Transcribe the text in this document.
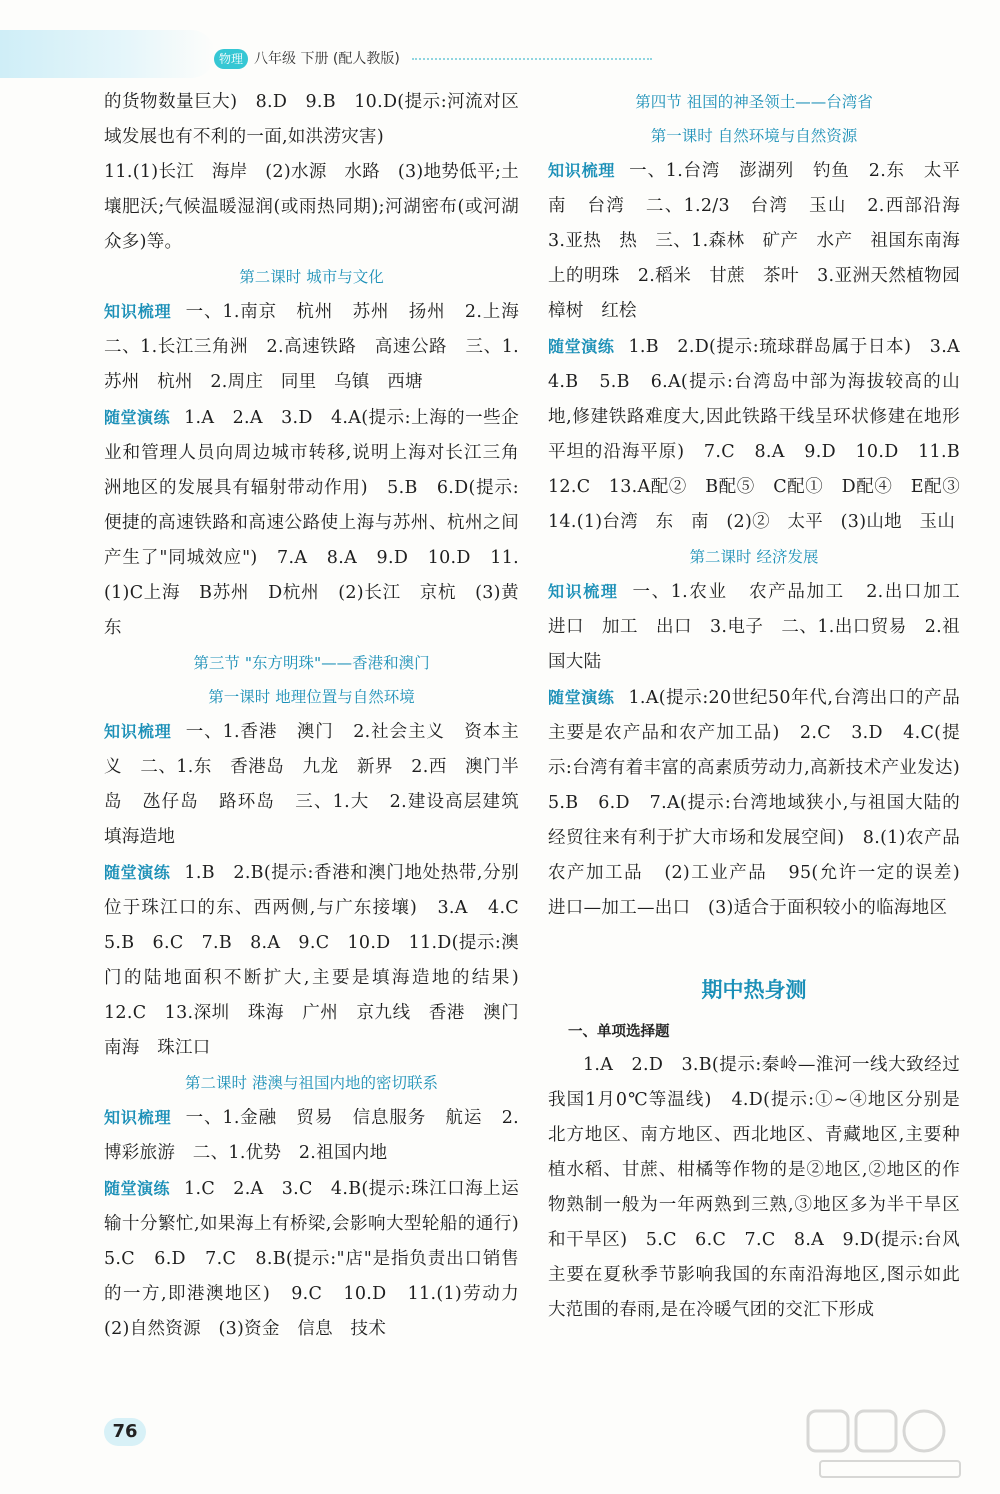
物理 八年级 下册 (配人教版)

的货物数量巨大)   8.D   9.B   10.D(提示:河流对区域发展也有不利的一面,如洪涝灾害)

11.(1)长江   海岸   (2)水源   水路   (3)地势低平;土壤肥沃;气候温暖湿润(或雨热同期);河湖密布(或河湖众多)等。

第二课时 城市与文化

知识梳理 一、1.南京   杭州   苏州   扬州   2.上海   二、1.长江三角洲   2.高速铁路   高速公路   三、1.苏州   杭州   2.周庄   同里   乌镇   西塘

随堂演练 1.A   2.A   3.D   4.A(提示:上海的一些企业和管理人员向周边城市转移,说明上海对长江三角洲地区的发展具有辐射带动作用)   5.B   6.D(提示:便捷的高速铁路和高速公路使上海与苏州、杭州之间产生了"同城效应")   7.A   8.A   9.D   10.D   11.(1)C上海   B苏州   D杭州   (2)长江   京杭   (3)黄   东

第三节 "东方明珠"——香港和澳门

第一课时 地理位置与自然环境

知识梳理 一、1.香港   澳门   2.社会主义   资本主义   二、1.东   香港岛   九龙   新界   2.西   澳门半岛   氹仔岛   路环岛   三、1.大   2.建设高层建筑   填海造地

随堂演练 1.B   2.B(提示:香港和澳门地处热带,分别位于珠江口的东、西两侧,与广东接壤)   3.A   4.C   5.B   6.C   7.B   8.A   9.C   10.D   11.D(提示:澳门的陆地面积不断扩大,主要是填海造地的结果)   12.C   13.深圳   珠海   广州   京九线   香港   澳门   南海   珠江口

第二课时 港澳与祖国内地的密切联系

知识梳理 一、1.金融   贸易   信息服务   航运   2.博彩旅游   二、1.优势   2.祖国内地

随堂演练 1.C   2.A   3.C   4.B(提示:珠江口海上运输十分繁忙,如果海上有桥梁,会影响大型轮船的通行)   5.C   6.D   7.C   8.B(提示:"店"是指负责出口销售的一方,即港澳地区)   9.C   10.D   11.(1)劳动力   (2)自然资源   (3)资金   信息   技术

第四节 祖国的神圣领土——台湾省

第一课时 自然环境与自然资源

知识梳理 一、1.台湾   澎湖列   钓鱼   2.东   太平   南   台湾   二、1.2/3   台湾   玉山   2.西部沿海   3.亚热   热   三、1.森林   矿产   水产   祖国东南海上的明珠   2.稻米   甘蔗   茶叶   3.亚洲天然植物园   樟树   红桧

随堂演练 1.B   2.D(提示:琉球群岛属于日本)   3.A   4.B   5.B   6.A(提示:台湾岛中部为海拔较高的山地,修建铁路难度大,因此铁路干线呈环状修建在地形平坦的沿海平原)   7.C   8.A   9.D   10.D   11.B   12.C   13.A配②   B配⑤   C配①   D配④   E配③   14.(1)台湾   东   南   (2)②   太平   (3)山地   玉山

第二课时 经济发展

知识梳理 一、1.农业   农产品加工   2.出口加工   进口   加工   出口   3.电子   二、1.出口贸易   2.祖国大陆

随堂演练 1.A(提示:20世纪50年代,台湾出口的产品主要是农产品和农产加工品)   2.C   3.D   4.C(提示:台湾有着丰富的高素质劳动力,高新技术产业发达)   5.B   6.D   7.A(提示:台湾地域狭小,与祖国大陆的经贸往来有利于扩大市场和发展空间)   8.(1)农产品   农产加工品   (2)工业产品   95(允许一定的误差)   进口—加工—出口   (3)适合于面积较小的临海地区

期中热身测

一、单项选择题

1.A   2.D   3.B(提示:秦岭—淮河一线大致经过我国1月0℃等温线)   4.D(提示:①~④地区分别是北方地区、南方地区、西北地区、青藏地区,主要种植水稻、甘蔗、柑橘等作物的是②地区,②地区的作物熟制一般为一年两熟到三熟,③地区多为半干旱区和干旱区)   5.C   6.C   7.C   8.A   9.D(提示:台风主要在夏秋季节影响我国的东南沿海地区,图示如此大范围的春雨,是在冷暖气团的交汇下形成

76
